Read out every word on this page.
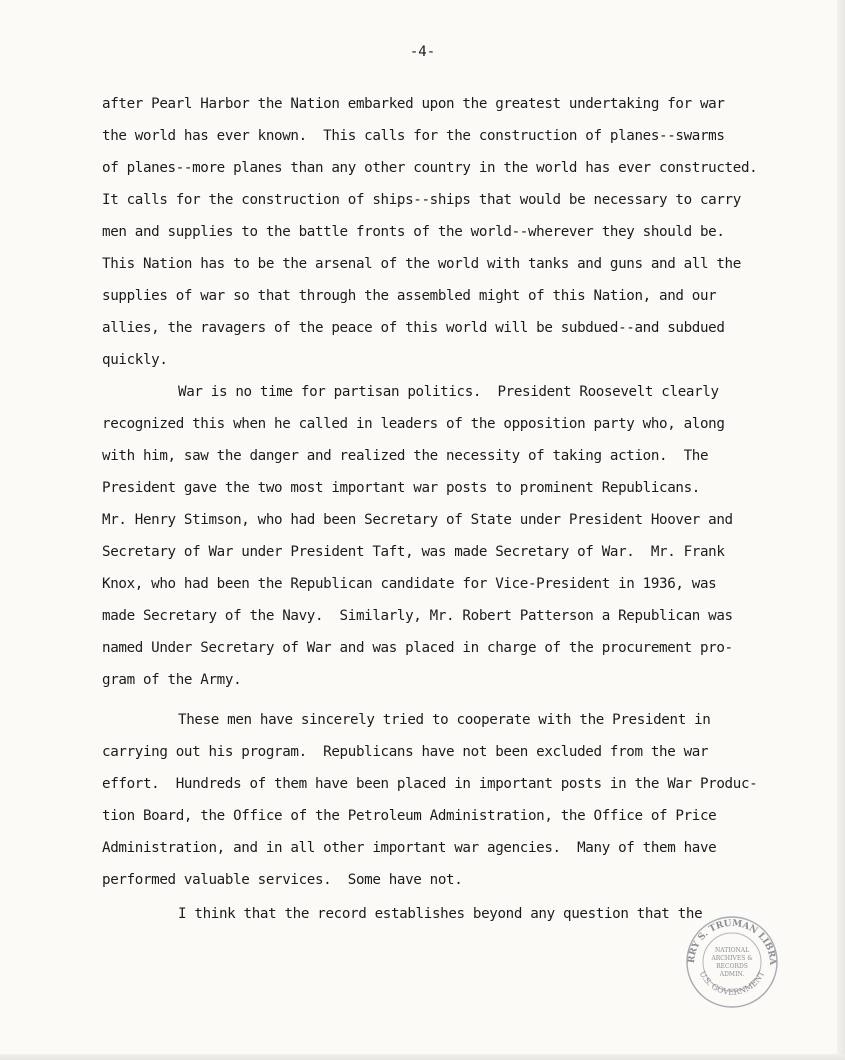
-4-

after Pearl Harbor the Nation embarked upon the greatest undertaking for war

the world has ever known.  This calls for the construction of planes--swarms

of planes--more planes than any other country in the world has ever constructed.

It calls for the construction of ships--ships that would be necessary to carry

men and supplies to the battle fronts of the world--wherever they should be.

This Nation has to be the arsenal of the world with tanks and guns and all the

supplies of war so that through the assembled might of this Nation, and our

allies, the ravagers of the peace of this world will be subdued--and subdued

quickly.

War is no time for partisan politics.  President Roosevelt clearly

recognized this when he called in leaders of the opposition party who, along

with him, saw the danger and realized the necessity of taking action.  The

President gave the two most important war posts to prominent Republicans.

Mr. Henry Stimson, who had been Secretary of State under President Hoover and

Secretary of War under President Taft, was made Secretary of War.  Mr. Frank

Knox, who had been the Republican candidate for Vice-President in 1936, was

made Secretary of the Navy.  Similarly, Mr. Robert Patterson a Republican was

named Under Secretary of War and was placed in charge of the procurement pro-

gram of the Army.

These men have sincerely tried to cooperate with the President in

carrying out his program.  Republicans have not been excluded from the war

effort.  Hundreds of them have been placed in important posts in the War Produc-

tion Board, the Office of the Petroleum Administration, the Office of Price

Administration, and in all other important war agencies.  Many of them have

performed valuable services.  Some have not.

I think that the record establishes beyond any question that the

RRY S. TRUMAN LIBRA
U.S. GOVERNMENT
NATIONAL
ARCHIVES &
RECORDS
ADMIN.
